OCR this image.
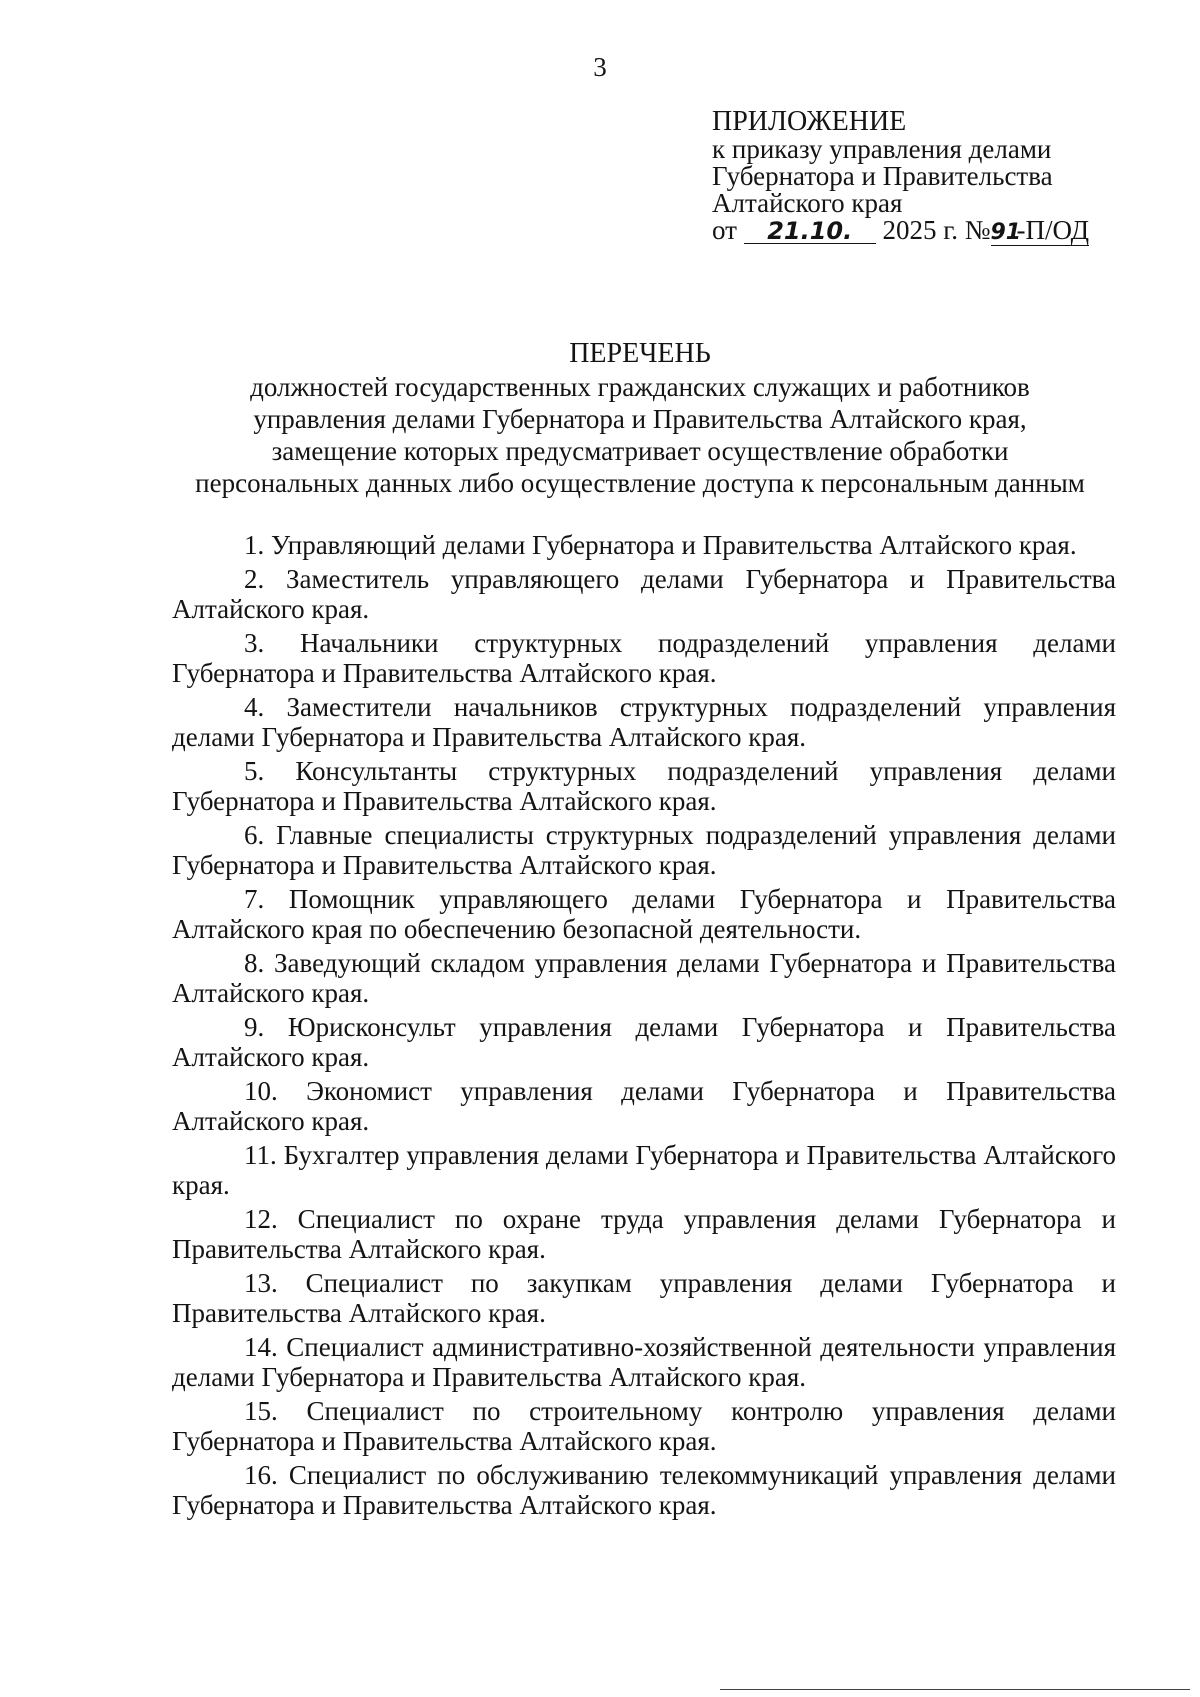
3
ПРИЛОЖЕНИЕ
к приказу управления делами
Губернатора и Правительства
Алтайского края
от 21.10. 2025 г. №91-П/ОД
ПЕРЕЧЕНЬ
должностей государственных гражданских служащих и работников
управления делами Губернатора и Правительства Алтайского края,
замещение которых предусматривает осуществление обработки
персональных данных либо осуществление доступа к персональным данным

1. Управляющий делами Губернатора и Правительства Алтайского края.

2. Заместитель управляющего делами Губернатора и Правительства Алтайского края.

3. Начальники структурных подразделений управления делами Губернатора и Правительства Алтайского края.

4. Заместители начальников структурных подразделений управления делами Губернатора и Правительства Алтайского края.

5. Консультанты структурных подразделений управления делами Губернатора и Правительства Алтайского края.

6. Главные специалисты структурных подразделений управления делами Губернатора и Правительства Алтайского края.

7. Помощник управляющего делами Губернатора и Правительства Алтайского края по обеспечению безопасной деятельности.

8. Заведующий складом управления делами Губернатора и Правительства Алтайского края.

9. Юрисконсульт управления делами Губернатора и Правительства Алтайского края.

10. Экономист управления делами Губернатора и Правительства Алтайского края.

11. Бухгалтер управления делами Губернатора и Правительства Алтайского края.

12. Специалист по охране труда управления делами Губернатора и Правительства Алтайского края.

13. Специалист по закупкам управления делами Губернатора и Правительства Алтайского края.

14. Специалист административно-хозяйственной деятельности управления делами Губернатора и Правительства Алтайского края.

15. Специалист по строительному контролю управления делами Губернатора и Правительства Алтайского края.

16. Специалист по обслуживанию телекоммуникаций управления делами Губернатора и Правительства Алтайского края.
